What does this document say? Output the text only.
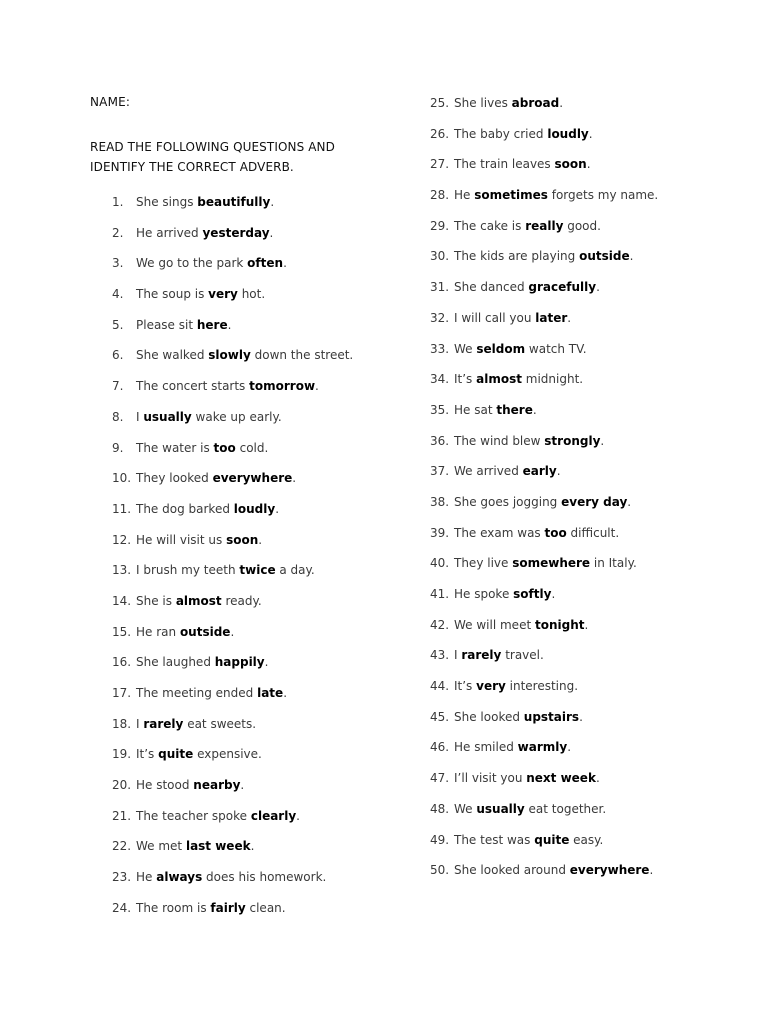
NAME:
READ THE FOLLOWING QUESTIONS AND
IDENTIFY THE CORRECT ADVERB.
1. She sings beautifully.
2. He arrived yesterday.
3. We go to the park often.
4. The soup is very hot.
5. Please sit here.
6. She walked slowly down the street.
7. The concert starts tomorrow.
8. I usually wake up early.
9. The water is too cold.
10. They looked everywhere.
11. The dog barked loudly.
12. He will visit us soon.
13. I brush my teeth twice a day.
14. She is almost ready.
15. He ran outside.
16. She laughed happily.
17. The meeting ended late.
18. I rarely eat sweets.
19. It’s quite expensive.
20. He stood nearby.
21. The teacher spoke clearly.
22. We met last week.
23. He always does his homework.
24. The room is fairly clean.
25. She lives abroad.
26. The baby cried loudly.
27. The train leaves soon.
28. He sometimes forgets my name.
29. The cake is really good.
30. The kids are playing outside.
31. She danced gracefully.
32. I will call you later.
33. We seldom watch TV.
34. It’s almost midnight.
35. He sat there.
36. The wind blew strongly.
37. We arrived early.
38. She goes jogging every day.
39. The exam was too difficult.
40. They live somewhere in Italy.
41. He spoke softly.
42. We will meet tonight.
43. I rarely travel.
44. It’s very interesting.
45. She looked upstairs.
46. He smiled warmly.
47. I’ll visit you next week.
48. We usually eat together.
49. The test was quite easy.
50. She looked around everywhere.
